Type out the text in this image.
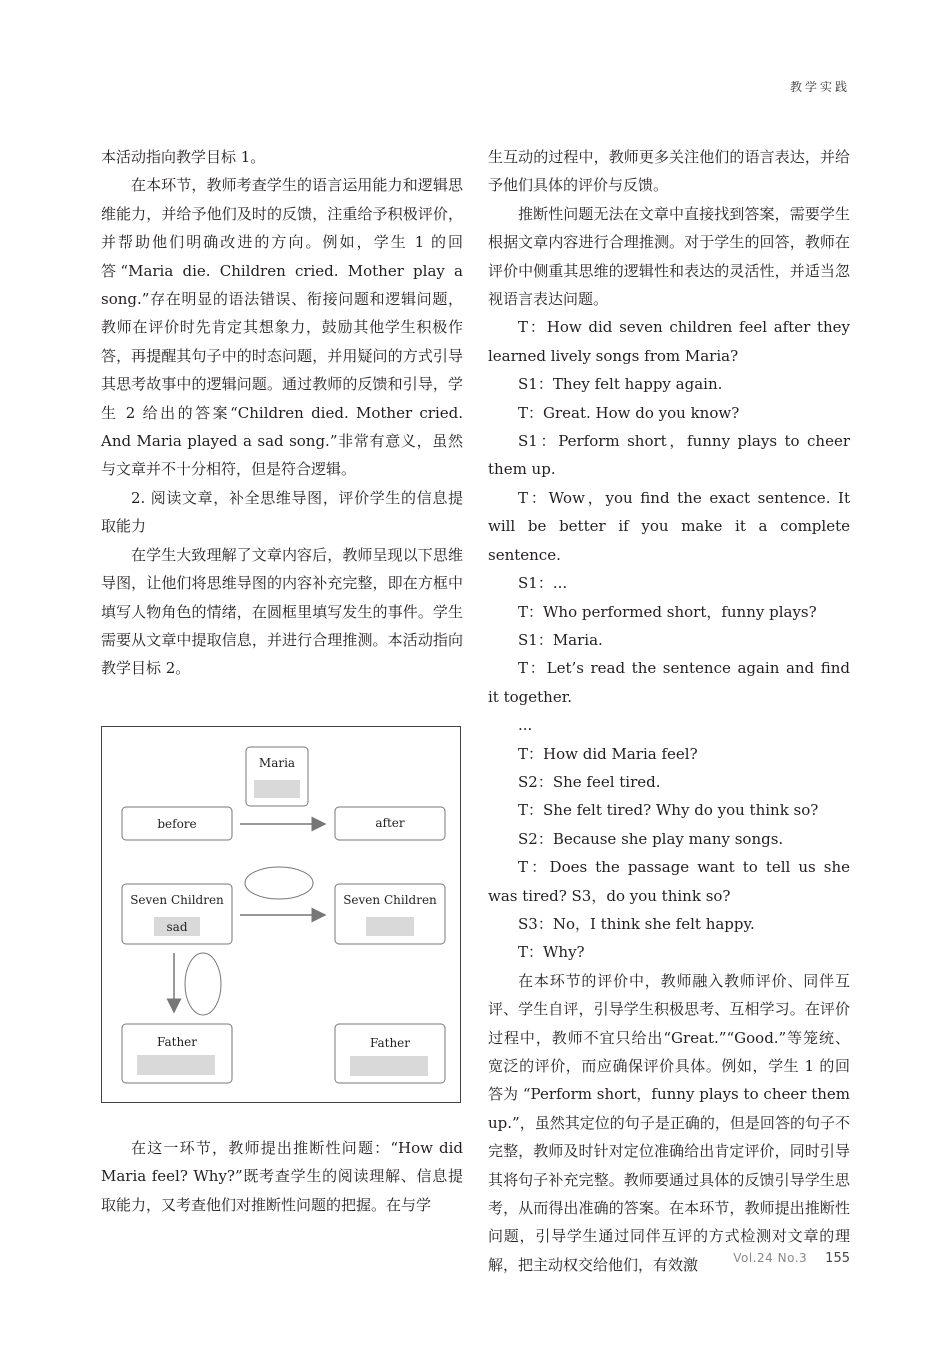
教学实践

本活动指向教学目标 1。

在本环节，教师考查学生的语言运用能力和逻辑思维能力，并给予他们及时的反馈，注重给予积极评价，并帮助他们明确改进的方向。例如，学生 1 的回答“Maria die. Children cried. Mother play a song.”存在明显的语法错误、衔接问题和逻辑问题，教师在评价时先肯定其想象力，鼓励其他学生积极作答，再提醒其句子中的时态问题，并用疑问的方式引导其思考故事中的逻辑问题。通过教师的反馈和引导，学生 2 给出的答案“Children died. Mother cried. And Maria played a sad song.”非常有意义，虽然与文章并不十分相符，但是符合逻辑。

2. 阅读文章，补全思维导图，评价学生的信息提取能力

在学生大致理解了文章内容后，教师呈现以下思维导图，让他们将思维导图的内容补充完整，即在方框中填写人物角色的情绪，在圆框里填写发生的事件。学生需要从文章中提取信息，并进行合理推测。本活动指向教学目标 2。

Maria
before	after
Seven Children
sad
Seven Children
Father	Father

在这一环节，教师提出推断性问题：“How did Maria feel? Why?”既考查学生的阅读理解、信息提取能力，又考查他们对推断性问题的把握。在与学

生互动的过程中，教师更多关注他们的语言表达，并给予他们具体的评价与反馈。

推断性问题无法在文章中直接找到答案，需要学生根据文章内容进行合理推测。对于学生的回答，教师在评价中侧重其思维的逻辑性和表达的灵活性，并适当忽视语言表达问题。

T：How did seven children feel after they learned lively songs from Maria?

S1：They felt happy again.

T：Great. How do you know?

S1：Perform short，funny plays to cheer them up.

T：Wow，you find the exact sentence. It will be better if you make it a complete sentence.

S1：...

T：Who performed short，funny plays?

S1：Maria.

T：Let’s read the sentence again and find it together.

...

T：How did Maria feel?

S2：She feel tired.

T：She felt tired? Why do you think so?

S2：Because she play many songs.

T：Does the passage want to tell us she was tired? S3，do you think so?

S3：No，I think she felt happy.

T：Why?

在本环节的评价中，教师融入教师评价、同伴互评、学生自评，引导学生积极思考、互相学习。在评价过程中，教师不宜只给出“Great.”“Good.”等笼统、宽泛的评价，而应确保评价具体。例如，学生 1 的回答为 “Perform short，funny plays to cheer them up.”，虽然其定位的句子是正确的，但是回答的句子不完整，教师及时针对定位准确给出肯定评价，同时引导其将句子补充完整。教师要通过具体的反馈引导学生思考，从而得出准确的答案。在本环节，教师提出推断性问题，引导学生通过同伴互评的方式检测对文章的理解，把主动权交给他们，有效激	Vol.24 No.3 155
